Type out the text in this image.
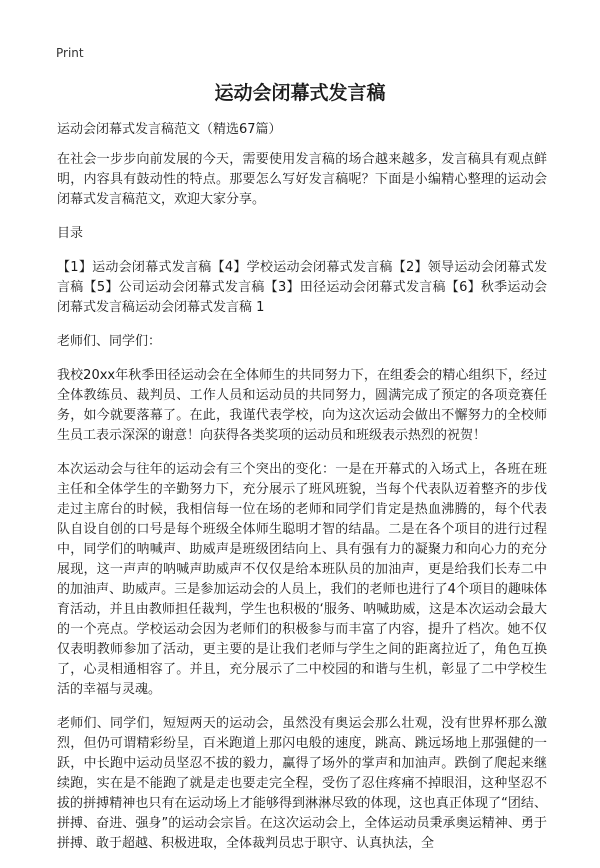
Print
运动会闭幕式发言稿

运动会闭幕式发言稿范文（精选67篇）

在社会一步步向前发展的今天，需要使用发言稿的场合越来越多，发言稿具有观点鲜明，内容具有鼓动性的特点。那要怎么写好发言稿呢？下面是小编精心整理的运动会闭幕式发言稿范文，欢迎大家分享。

目录

【1】运动会闭幕式发言稿【4】学校运动会闭幕式发言稿【2】领导运动会闭幕式发言稿【5】公司运动会闭幕式发言稿【3】田径运动会闭幕式发言稿【6】秋季运动会闭幕式发言稿运动会闭幕式发言稿 1

老师们、同学们：

我校20xx年秋季田径运动会在全体师生的共同努力下，在组委会的精心组织下，经过全体教练员、裁判员、工作人员和运动员的共同努力，圆满完成了预定的各项竞赛任务，如今就要落幕了。在此，我谨代表学校，向为这次运动会做出不懈努力的全校师生员工表示深深的谢意！向获得各类奖项的运动员和班级表示热烈的祝贺！

本次运动会与往年的运动会有三个突出的变化：一是在开幕式的入场式上，各班在班主任和全体学生的辛勤努力下，充分展示了班风班貌，当每个代表队迈着整齐的步伐走过主席台的时候，我相信每一位在场的老师和同学们肯定是热血沸腾的，每个代表队自设自创的口号是每个班级全体师生聪明才智的结晶。二是在各个项目的进行过程中，同学们的呐喊声、助威声是班级团结向上、具有强有力的凝聚力和向心力的充分展现，这一声声的呐喊声助威声不仅仅是给本班队员的加油声，更是给我们长寿二中的加油声、助威声。三是参加运动会的人员上，我们的老师也进行了4个项目的趣味体育活动，并且由教师担任裁判，学生也积极的‘服务、呐喊助威，这是本次运动会最大的一个亮点。学校运动会因为老师们的积极参与而丰富了内容，提升了档次。她不仅仅表明教师参加了活动，更主要的是让我们老师与学生之间的距离拉近了，角色互换了，心灵相通相容了。并且，充分展示了二中校园的和谐与生机，彰显了二中学校生活的幸福与灵魂。

老师们、同学们，短短两天的运动会，虽然没有奥运会那么壮观，没有世界杯那么激烈，但仍可谓精彩纷呈，百米跑道上那闪电般的速度，跳高、跳远场地上那强健的一跃，中长跑中运动员坚忍不拔的毅力，赢得了场外的掌声和加油声。跌倒了爬起来继续跑，实在是不能跑了就是走也要走完全程，受伤了忍住疼痛不掉眼泪，这种坚忍不拔的拼搏精神也只有在运动场上才能够得到淋淋尽致的体现，这也真正体现了“团结、拼搏、奋进、强身”的运动会宗旨。在这次运动会上，全体运动员秉承奥运精神、勇于拼搏、敢于超越、积极进取，全体裁判员忠于职守、认真执法，全
